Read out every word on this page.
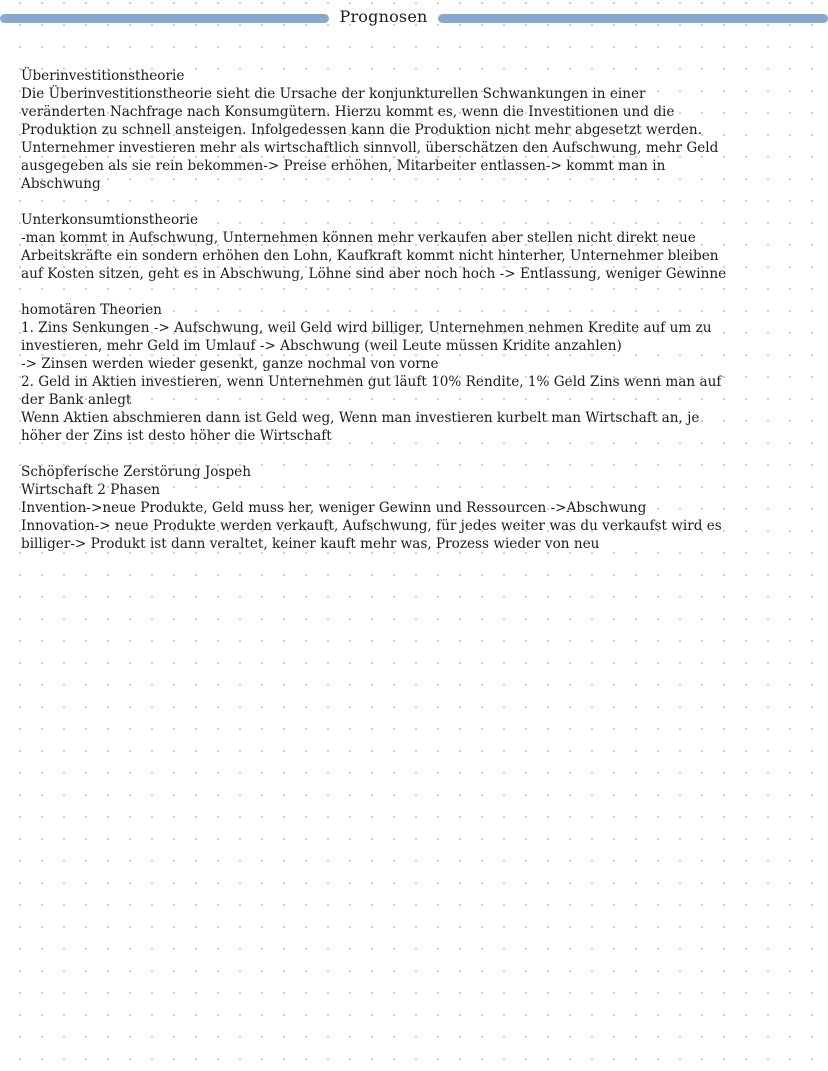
Prognosen
Überinvestitionstheorie
Die Überinvestitionstheorie sieht die Ursache der konjunkturellen Schwankungen in einer
veränderten Nachfrage nach Konsumgütern. Hierzu kommt es, wenn die Investitionen und die
Produktion zu schnell ansteigen. Infolgedessen kann die Produktion nicht mehr abgesetzt werden.
Unternehmer investieren mehr als wirtschaftlich sinnvoll, überschätzen den Aufschwung, mehr Geld
ausgegeben als sie rein bekommen-> Preise erhöhen, Mitarbeiter entlassen-> kommt man in
Abschwung
Unterkonsumtionstheorie
-man kommt in Aufschwung, Unternehmen können mehr verkaufen aber stellen nicht direkt neue
Arbeitskräfte ein sondern erhöhen den Lohn, Kaufkraft kommt nicht hinterher, Unternehmer bleiben
auf Kosten sitzen, geht es in Abschwung, Löhne sind aber noch hoch -> Entlassung, weniger Gewinne
homotären Theorien
1. Zins Senkungen -> Aufschwung, weil Geld wird billiger, Unternehmen nehmen Kredite auf um zu
investieren, mehr Geld im Umlauf -> Abschwung (weil Leute müssen Kridite anzahlen)
-> Zinsen werden wieder gesenkt, ganze nochmal von vorne
2. Geld in Aktien investieren, wenn Unternehmen gut läuft 10% Rendite, 1% Geld Zins wenn man auf
der Bank anlegt
Wenn Aktien abschmieren dann ist Geld weg, Wenn man investieren kurbelt man Wirtschaft an, je
höher der Zins ist desto höher die Wirtschaft
Schöpferische Zerstörung Jospeh
Wirtschaft 2 Phasen
Invention->neue Produkte, Geld muss her, weniger Gewinn und Ressourcen ->Abschwung
Innovation-> neue Produkte werden verkauft, Aufschwung, für jedes weiter was du verkaufst wird es
billiger-> Produkt ist dann veraltet, keiner kauft mehr was, Prozess wieder von neu
